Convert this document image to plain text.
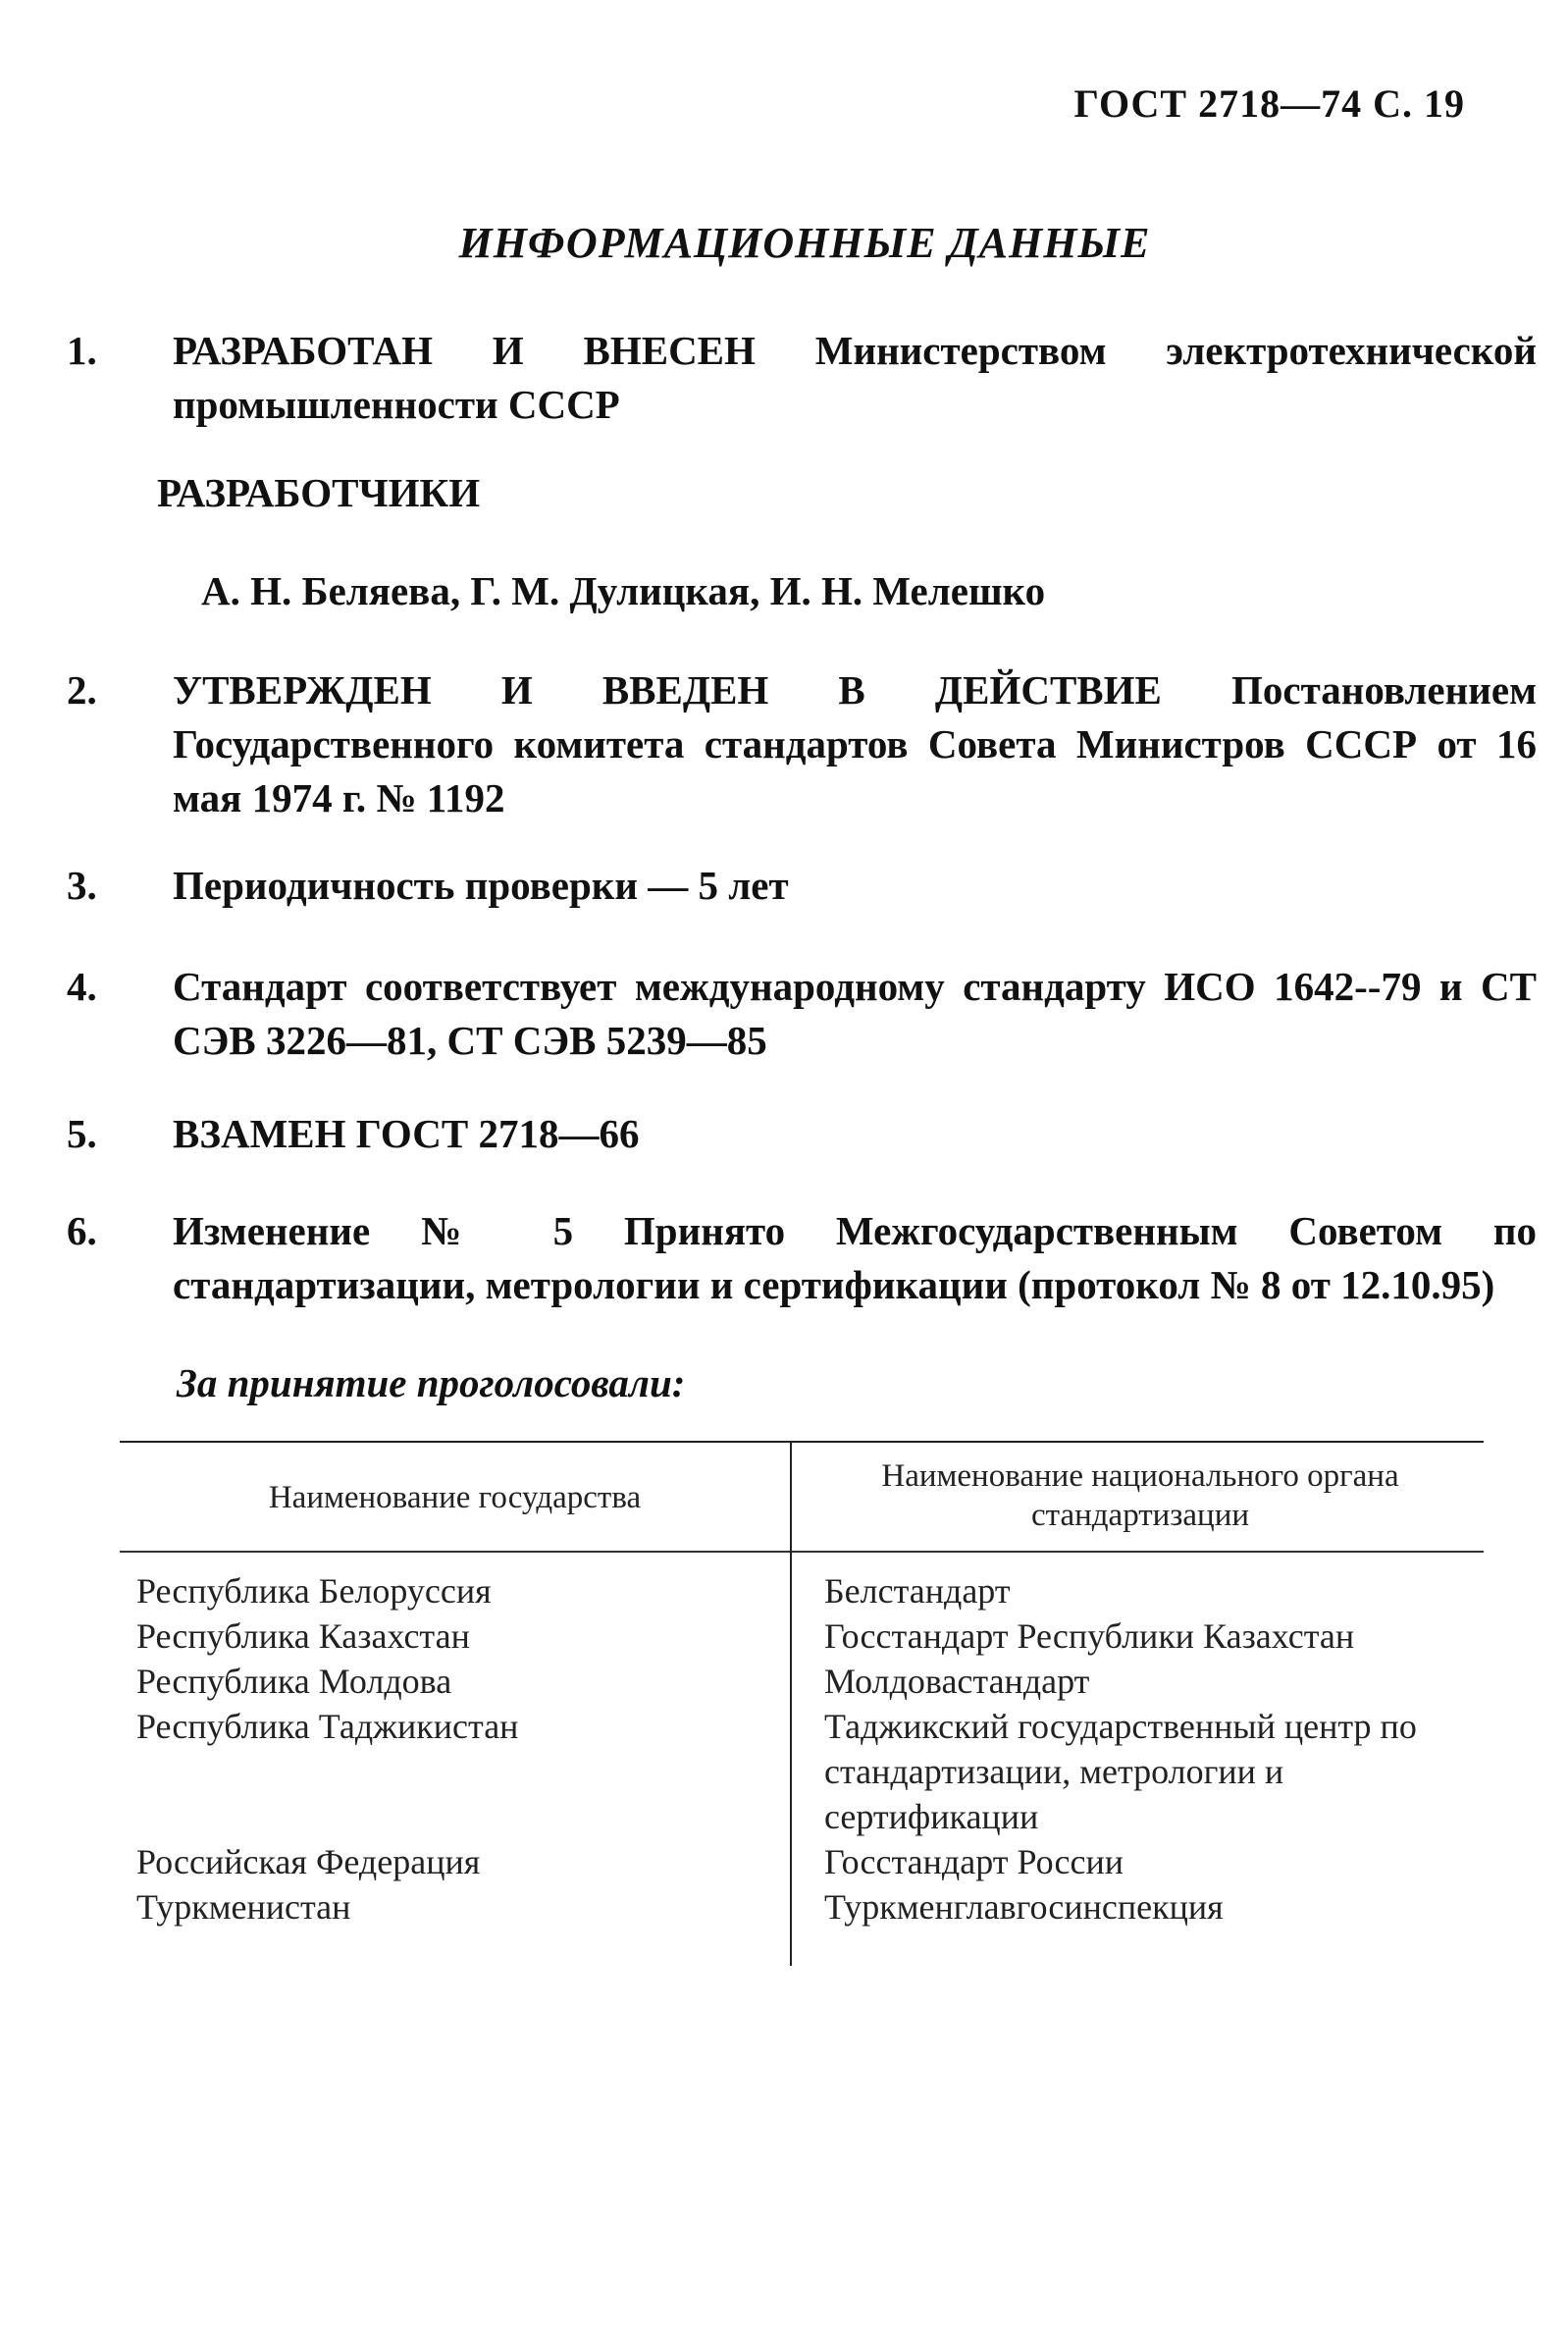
ГОСТ 2718—74 С. 19
ИНФОРМАЦИОННЫЕ ДАННЫЕ
1. РАЗРАБОТАН И ВНЕСЕН Министерством электротехнической промышленности СССР
РАЗРАБОТЧИКИ
А. Н. Беляева, Г. М. Дулицкая, И. Н. Мелешко
2. УТВЕРЖДЕН И ВВЕДЕН В ДЕЙСТВИЕ Постановлением Государственного комитета стандартов Совета Министров СССР от 16 мая 1974 г. № 1192
3. Периодичность проверки — 5 лет
4. Стандарт соответствует международному стандарту ИСО 1642--79 и СТ СЭВ 3226—81, СТ СЭВ 5239—85
5. ВЗАМЕН ГОСТ 2718—66
6. Изменение № 5 Принято Межгосударственным Советом по стандартизации, метрологии и сертификации (протокол № 8 от 12.10.95)
За принятие проголосовали:
Наименование государства
Наименование национального органа стандартизации
Республика Белоруссия
Республика Казахстан
Республика Молдова
Республика Таджикистан
Российская Федерация
Туркменистан
Белстандарт
Госстандарт Республики Казахстан
Молдовастандарт
Таджикский государственный центр по стандартизации, метрологии и сертификации
Госстандарт России
Туркменглавгосинспекция
